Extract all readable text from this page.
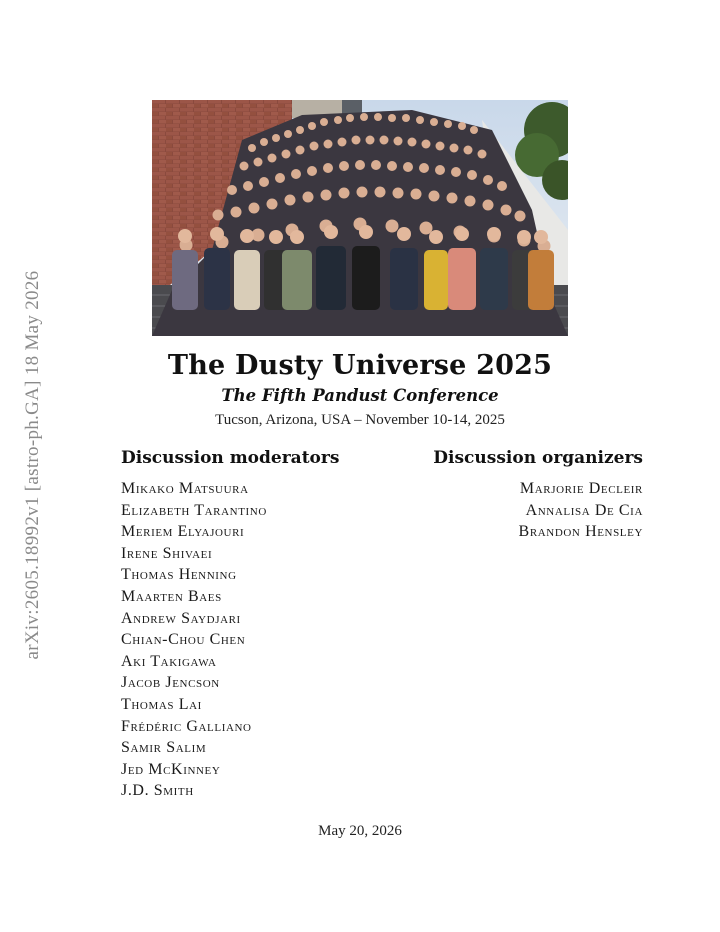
arXiv:2605.18992v1 [astro-ph.GA] 18 May 2026	The Dusty Universe 2025
The Fifth Pandust Conference
Tucson, Arizona, USA – November 10-14, 2025
Discussion moderators
Mikako Matsuura
Elizabeth Tarantino
Meriem Elyajouri
Irene Shivaei
Thomas Henning
Maarten Baes
Andrew Saydjari
Chian-Chou Chen
Aki Takigawa
Jacob Jencson
Thomas Lai
Frédéric Galliano
Samir Salim
Jed McKinney
J.D. Smith
Discussion organizers
Marjorie Decleir
Annalisa De Cia
Brandon Hensley
May 20, 2026
